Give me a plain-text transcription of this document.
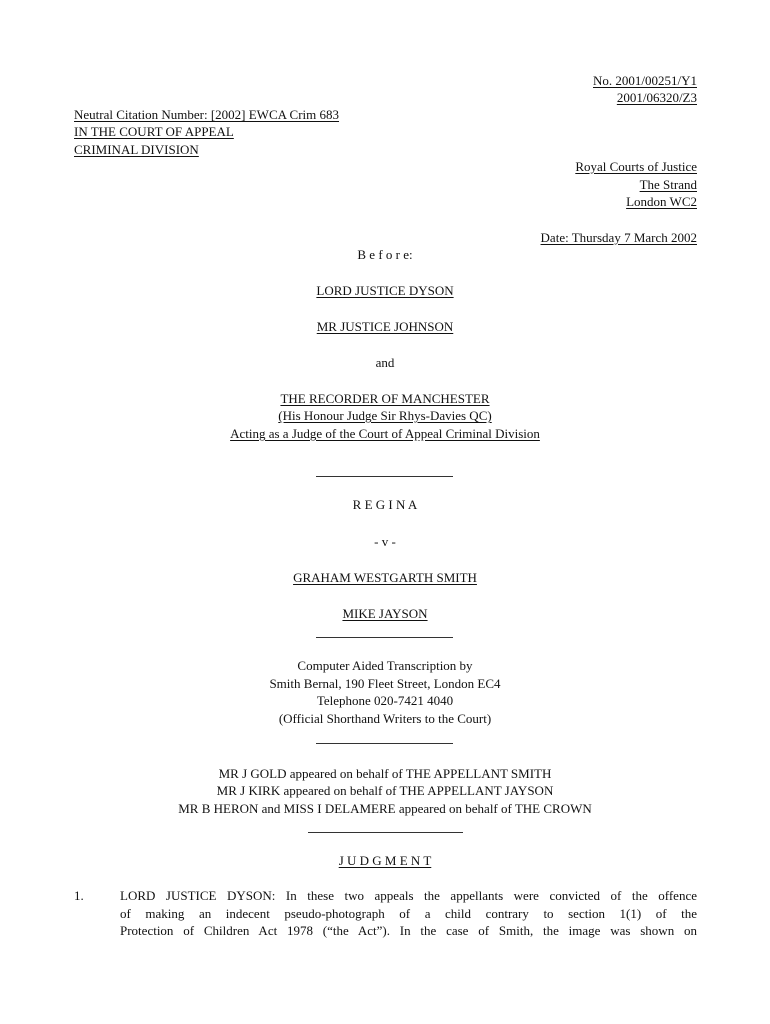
No. 2001/00251/Y1
2001/06320/Z3
Neutral Citation Number: [2002] EWCA Crim 683
IN THE COURT OF APPEAL
CRIMINAL DIVISION
Royal Courts of Justice
The Strand
London WC2
Date: Thursday 7 March 2002
B e f o r e:
LORD JUSTICE DYSON
MR JUSTICE JOHNSON
and
THE RECORDER OF MANCHESTER
(His Honour Judge Sir Rhys-Davies QC)
Acting as a Judge of the Court of Appeal Criminal Division
R E G I N A
- v -
GRAHAM WESTGARTH SMITH
MIKE JAYSON
Computer Aided Transcription by
Smith Bernal, 190 Fleet Street, London EC4
Telephone 020-7421 4040
(Official Shorthand Writers to the Court)
MR J GOLD appeared on behalf of THE APPELLANT SMITH
MR J KIRK appeared on behalf of THE APPELLANT JAYSON
MR B HERON and MISS I DELAMERE appeared on behalf of THE CROWN
J U D G M E N T
1.	LORD JUSTICE DYSON: In these two appeals the appellants were convicted of the offence
of making an indecent pseudo-photograph of a child contrary to section 1(1) of the
Protection of Children Act 1978 (“the Act”). In the case of Smith, the image was shown on
